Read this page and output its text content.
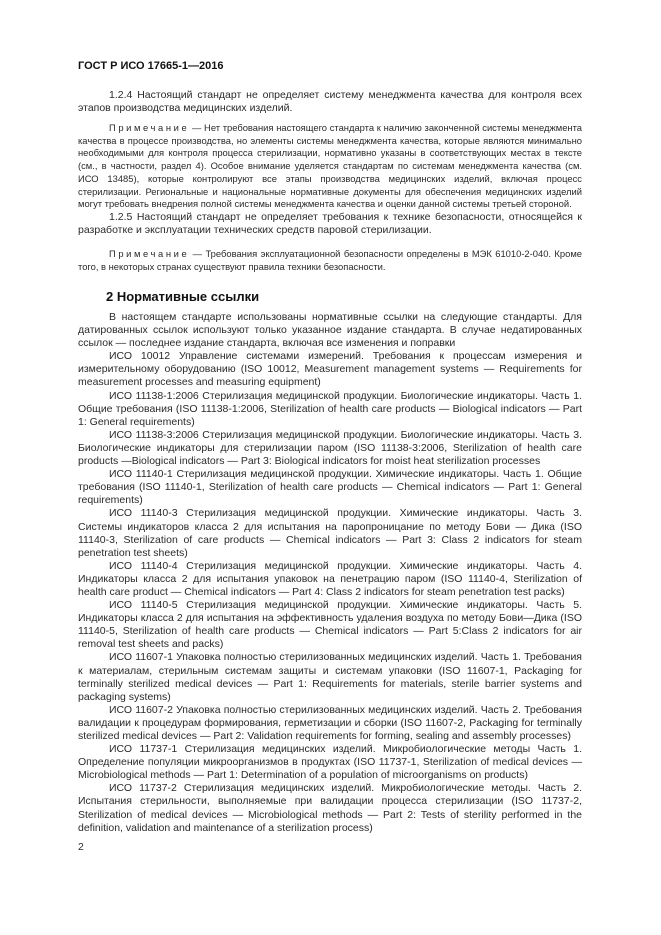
ГОСТ Р ИСО 17665-1—2016

1.2.4 Настоящий стандарт не определяет систему менеджмента качества для контроля всех этапов производства медицинских изделий.

Примечание — Нет требования настоящего стандарта к наличию законченной системы менеджмента качества в процессе производства, но элементы системы менеджмента качества, которые являются минимально необходимыми для контроля процесса стерилизации, нормативно указаны в соответствующих местах в тексте (см., в частности, раздел 4). Особое внимание уделяется стандартам по системам менеджмента качества (см. ИСО 13485), которые контролируют все этапы производства медицинских изделий, включая процесс стерилизации. Региональные и национальные нормативные документы для обеспечения медицинских изделий могут требовать внедрения полной системы менеджмента качества и оценки данной системы третьей стороной.

1.2.5 Настоящий стандарт не определяет требования к технике безопасности, относящейся к разработке и эксплуатации технических средств паровой стерилизации.

Примечание — Требования эксплуатационной безопасности определены в МЭК 61010-2-040. Кроме того, в некоторых странах существуют правила техники безопасности.

2 Нормативные ссылки

В настоящем стандарте использованы нормативные ссылки на следующие стандарты. Для датированных ссылок используют только указанное издание стандарта. В случае недатированных ссылок — последнее издание стандарта, включая все изменения и поправки

ИСО 10012 Управление системами измерений. Требования к процессам измерения и измерительному оборудованию (ISO 10012, Measurement management systems — Requirements for measurement processes and measuring equipment)

ИСО 11138-1:2006 Стерилизация медицинской продукции. Биологические индикаторы. Часть 1. Общие требования (ISO 11138-1:2006, Sterilization of health care products — Biological indicators — Part 1: General requirements)

ИСО 11138-3:2006 Стерилизация медицинской продукции. Биологические индикаторы. Часть 3. Биологические индикаторы для стерилизации паром (ISO 11138-3:2006, Sterilization of health care products —Biological indicators — Part 3: Biological indicators for moist heat sterilization processes

ИСО 11140-1 Стерилизация медицинской продукции. Химические индикаторы. Часть 1. Общие требования (ISO 11140-1, Sterilization of health care products — Chemical indicators — Part 1: General requirements)

ИСО 11140-3 Стерилизация медицинской продукции. Химические индикаторы. Часть 3. Системы индикаторов класса 2 для испытания на паропроницание по методу Бови — Дика (ISO 11140-3, Sterilization of care products — Chemical indicators — Part 3: Class 2 indicators for steam penetration test sheets)

ИСО 11140-4 Стерилизация медицинской продукции. Химические индикаторы. Часть 4. Индикаторы класса 2 для испытания упаковок на пенетрацию паром (ISO 11140-4, Sterilization of health care product — Chemical indicators — Part 4: Class 2 indicators for steam penetration test packs)

ИСО 11140-5 Стерилизация медицинской продукции. Химические индикаторы. Часть 5. Индикаторы класса 2 для испытания на эффективность удаления воздуха по методу Бови—Дика (ISO 11140-5, Sterilization of health care products — Chemical indicators — Part 5:Class 2 indicators for air removal test sheets and packs)

ИСО 11607-1 Упаковка полностью стерилизованных медицинских изделий. Часть 1. Требования к материалам, стерильным системам защиты и системам упаковки (ISO 11607-1, Packaging for terminally sterilized medical devices — Part 1: Requirements for materials, sterile barrier systems and packaging systems)

ИСО 11607-2 Упаковка полностью стерилизованных медицинских изделий. Часть 2. Требования валидации к процедурам формирования, герметизации и сборки (ISO 11607-2, Packaging for terminally sterilized medical devices — Part 2: Validation requirements for forming, sealing and assembly processes)

ИСО 11737-1 Стерилизация медицинских изделий. Микробиологические методы Часть 1. Определение популяции микроорганизмов в продуктах (ISO 11737-1, Sterilization of medical devices — Microbiological methods — Part 1: Determination of a population of microorganisms on products)

ИСО 11737-2 Стерилизация медицинских изделий. Микробиологические методы. Часть 2. Испытания стерильности, выполняемые при валидации процесса стерилизации (ISO 11737-2, Sterilization of medical devices — Microbiological methods — Part 2: Tests of sterility performed in the definition, validation and maintenance of a sterilization process)

2
